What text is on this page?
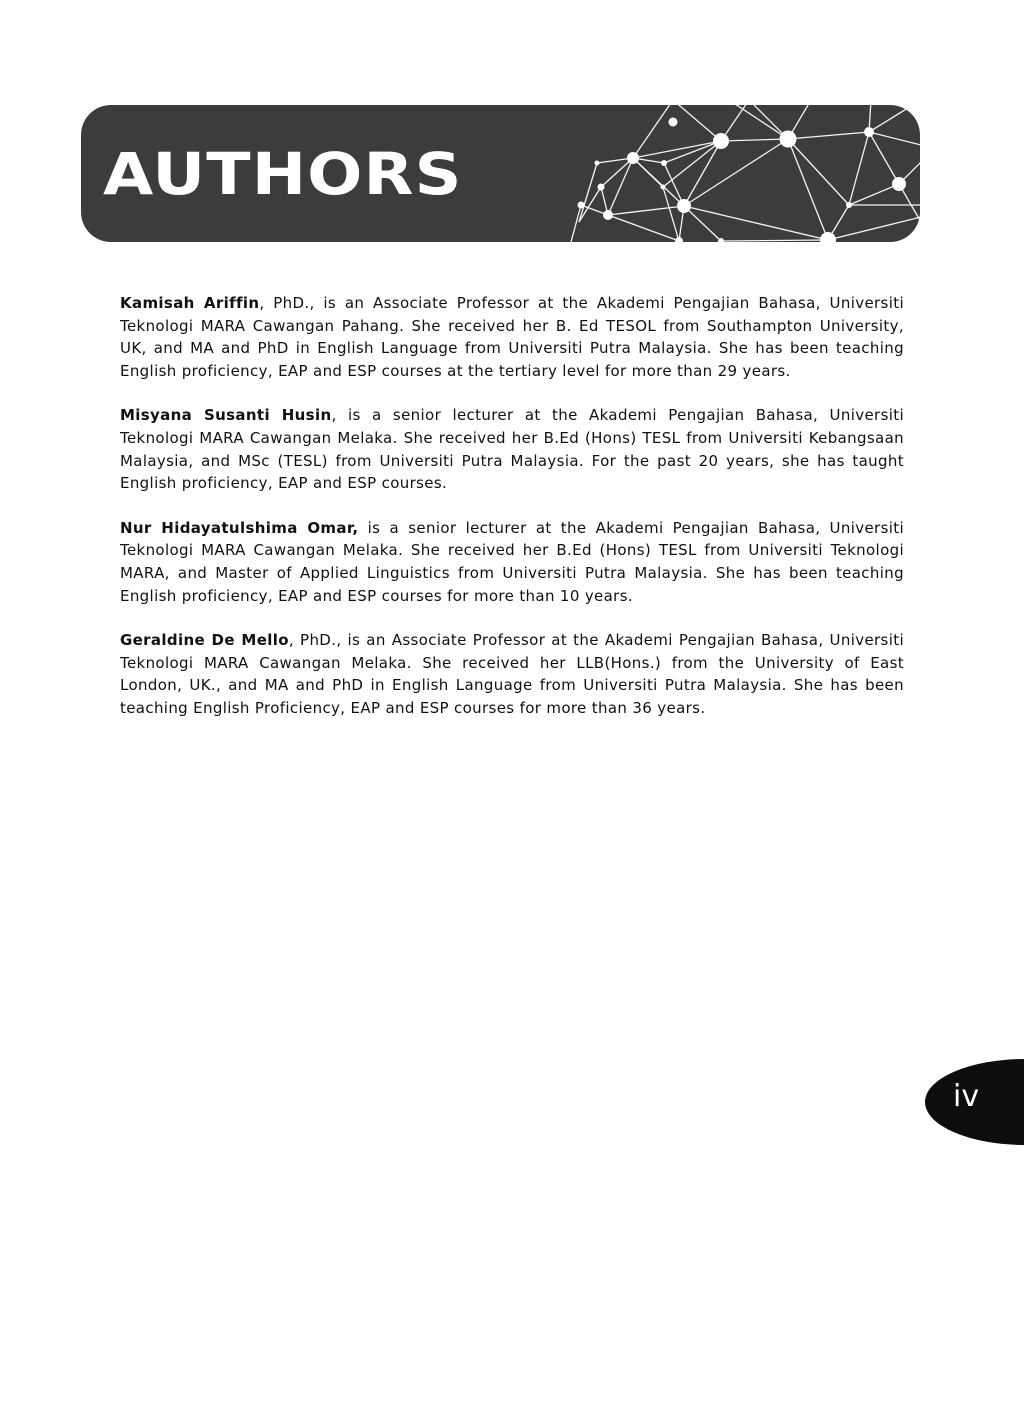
AUTHORS

Kamisah Ariffin, PhD., is an Associate Professor at the Akademi Pengajian Bahasa, Universiti Teknologi MARA Cawangan Pahang. She received her B. Ed TESOL from Southampton University, UK, and MA and PhD in English Language from Universiti Putra Malaysia. She has been teaching English proficiency, EAP and ESP courses at the tertiary level for more than 29 years.

Misyana Susanti Husin, is a senior lecturer at the Akademi Pengajian Bahasa, Universiti Teknologi MARA Cawangan Melaka. She received her B.Ed (Hons) TESL from Universiti Kebangsaan Malaysia, and MSc (TESL) from Universiti Putra Malaysia. For the past 20 years, she has taught English proficiency, EAP and ESP courses.

Nur Hidayatulshima Omar, is a senior lecturer at the Akademi Pengajian Bahasa, Universiti Teknologi MARA Cawangan Melaka. She received her B.Ed (Hons) TESL from Universiti Teknologi MARA, and Master of Applied Linguistics from Universiti Putra Malaysia. She has been teaching English proficiency, EAP and ESP courses for more than 10 years.

Geraldine De Mello, PhD., is an Associate Professor at the Akademi Pengajian Bahasa, Universiti Teknologi MARA Cawangan Melaka. She received her LLB(Hons.) from the University of East London, UK., and MA and PhD in English Language from Universiti Putra Malaysia. She has been teaching English Proficiency, EAP and ESP courses for more than 36 years.

iv
